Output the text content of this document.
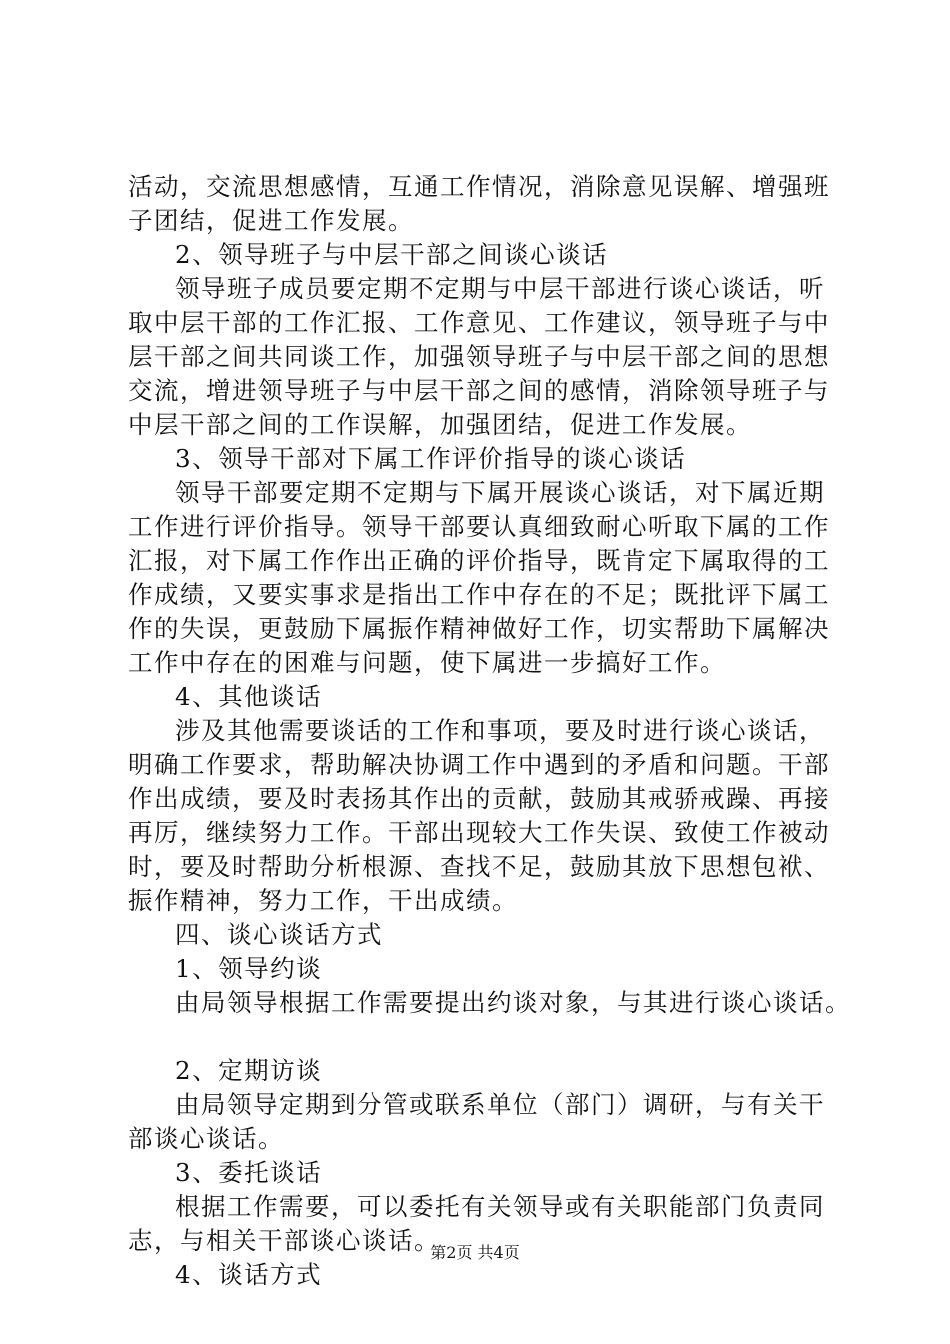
活动，交流思想感情，互通工作情况，消除意见误解、增强班
子团结，促进工作发展。
2、领导班子与中层干部之间谈心谈话
领导班子成员要定期不定期与中层干部进行谈心谈话，听
取中层干部的工作汇报、工作意见、工作建议，领导班子与中
层干部之间共同谈工作，加强领导班子与中层干部之间的思想
交流，增进领导班子与中层干部之间的感情，消除领导班子与
中层干部之间的工作误解，加强团结，促进工作发展。
3、领导干部对下属工作评价指导的谈心谈话
领导干部要定期不定期与下属开展谈心谈话，对下属近期
工作进行评价指导。领导干部要认真细致耐心听取下属的工作
汇报，对下属工作作出正确的评价指导，既肯定下属取得的工
作成绩，又要实事求是指出工作中存在的不足；既批评下属工
作的失误，更鼓励下属振作精神做好工作，切实帮助下属解决
工作中存在的困难与问题，使下属进一步搞好工作。
4、其他谈话
涉及其他需要谈话的工作和事项，要及时进行谈心谈话，
明确工作要求，帮助解决协调工作中遇到的矛盾和问题。干部
作出成绩，要及时表扬其作出的贡献，鼓励其戒骄戒躁、再接
再厉，继续努力工作。干部出现较大工作失误、致使工作被动
时，要及时帮助分析根源、查找不足，鼓励其放下思想包袱、
振作精神，努力工作，干出成绩。
四、谈心谈话方式
1、领导约谈
由局领导根据工作需要提出约谈对象，与其进行谈心谈话。
2、定期访谈
由局领导定期到分管或联系单位（部门）调研，与有关干
部谈心谈话。
3、委托谈话
根据工作需要，可以委托有关领导或有关职能部门负责同
志，与相关干部谈心谈话。
4、谈话方式
第2页 共4页
